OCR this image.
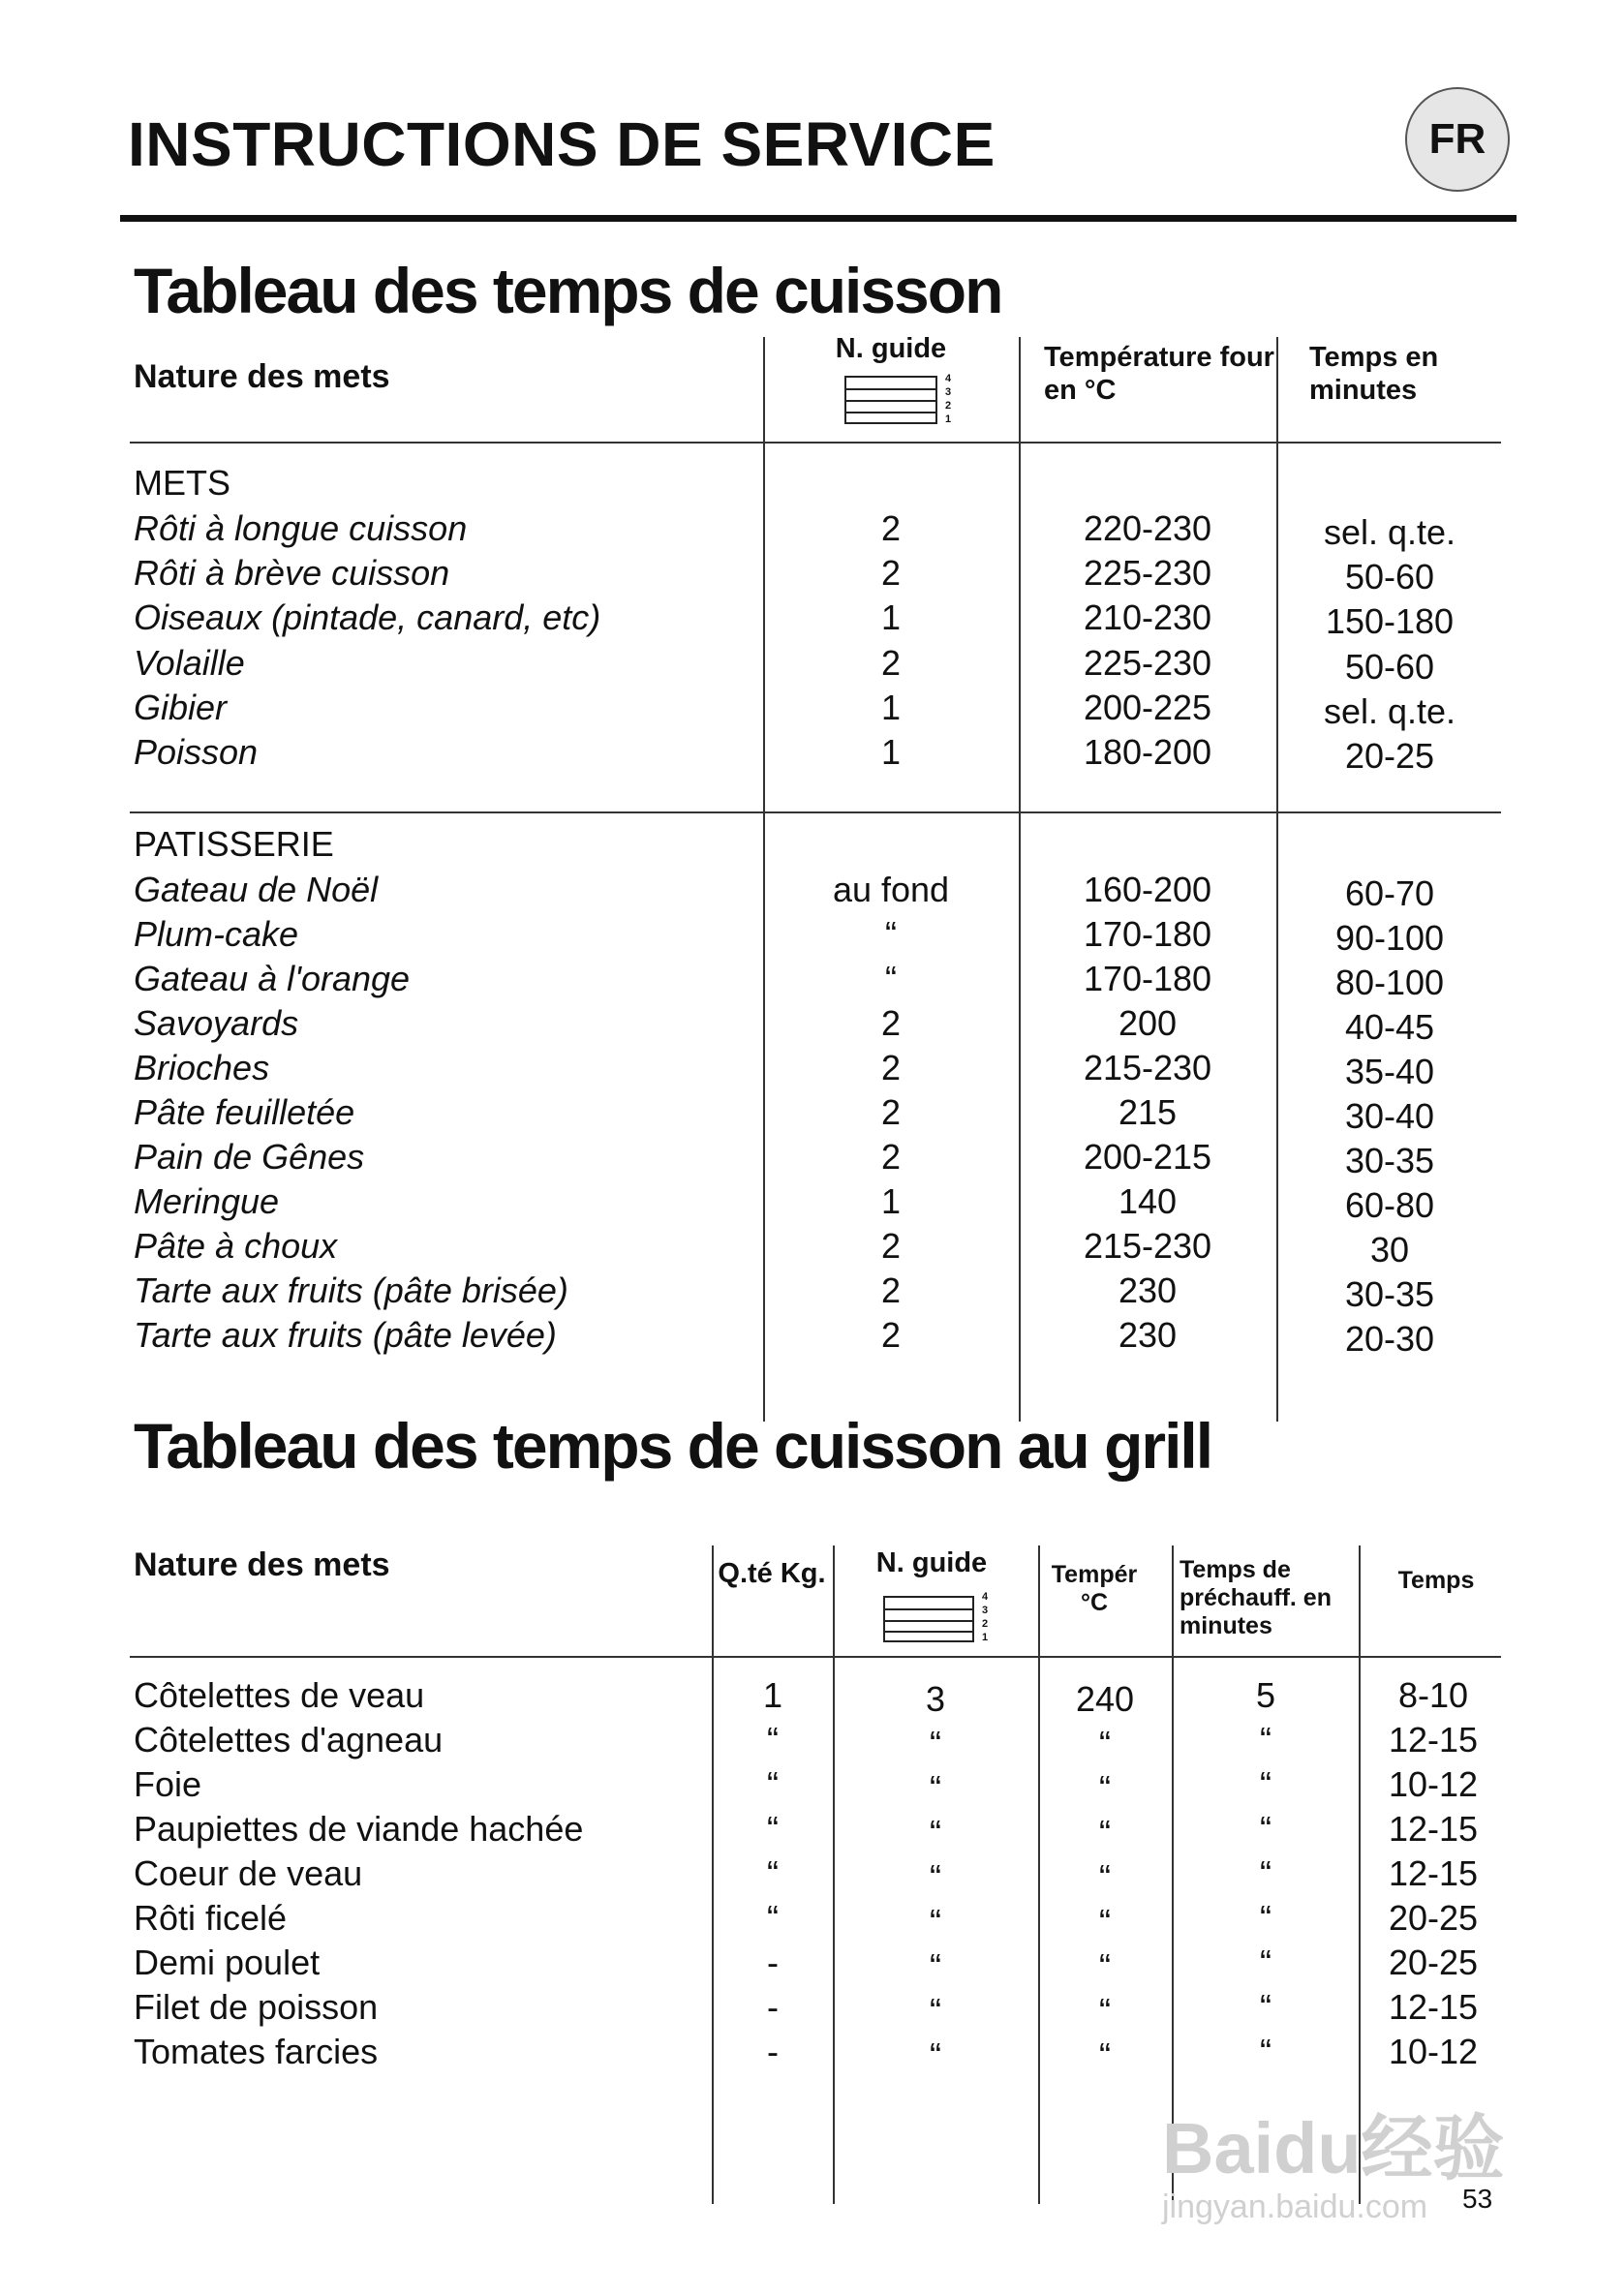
INSTRUCTIONS DE SERVICE	FR
Tableau des temps de cuisson
Nature des mets
N. guide
4
3
2
1
Température four en °C
Temps en minutes
METS
Rôti à longue cuisson	2	220-230	sel. q.te.
Rôti à brève cuisson	2	225-230	50-60
Oiseaux (pintade, canard, etc)	1	210-230	150-180
Volaille	2	225-230	50-60
Gibier	1	200-225	sel. q.te.
Poisson	1	180-200	20-25
PATISSERIE
Gateau de Noël	au fond	160-200	60-70
Plum-cake	“	170-180	90-100
Gateau à l'orange	“	170-180	80-100
Savoyards	2	200	40-45
Brioches	2	215-230	35-40
Pâte feuilletée	2	215	30-40
Pain de Gênes	2	200-215	30-35
Meringue	1	140	60-80
Pâte à choux	2	215-230	30
Tarte aux fruits (pâte brisée)	2	230	30-35
Tarte aux fruits (pâte levée)	2	230	20-30
Tableau des temps de cuisson au grill
Nature des mets	Q.té Kg.	N. guide
4
3
2
1
Tempér °C
Temps de préchauff. en minutes
Temps
Côtelettes de veau	1	3	240	5	8-10
Côtelettes d'agneau	“	“	“	“	12-15
Foie	“	“	“	“	10-12
Paupiettes de viande hachée	“	“	“	“	12-15
Coeur de veau	“	“	“	“	12-15
Rôti ficelé	“	“	“	“	20-25
Demi poulet	-	“	“	“	20-25
Filet de poisson	-	“	“	“	12-15
Tomates farcies	-	“	“	“	10-12
Baidu经验
jingyan.baidu.com 53
